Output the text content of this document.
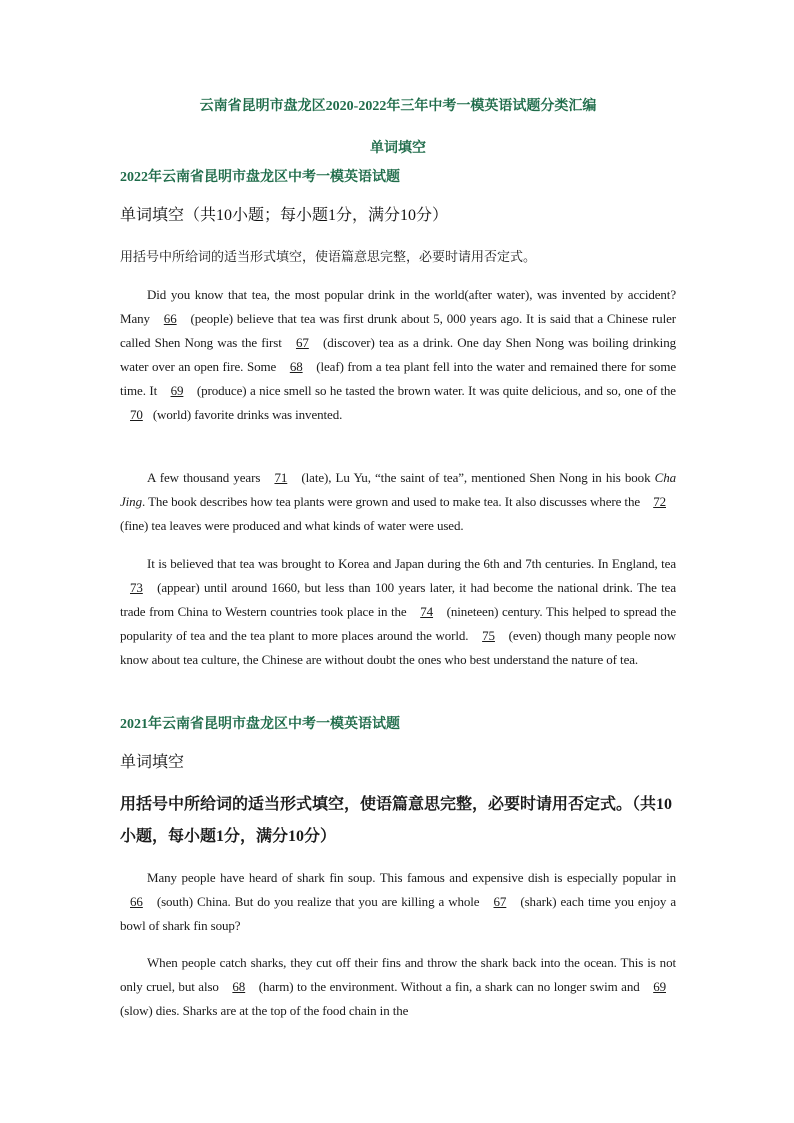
云南省昆明市盘龙区2020-2022年三年中考一模英语试题分类汇编
单词填空
2022年云南省昆明市盘龙区中考一模英语试题
单词填空（共10小题；每小题1分，满分10分）
用括号中所给词的适当形式填空，使语篇意思完整，必要时请用否定式。
Did you know that tea, the most popular drink in the world(after water), was invented by accident? Many 66 (people) believe that tea was first drunk about 5, 000 years ago. It is said that a Chinese ruler called Shen Nong was the first 67 (discover) tea as a drink. One day Shen Nong was boiling drinking water over an open fire. Some 68 (leaf) from a tea plant fell into the water and remained there for some time. It 69 (produce) a nice smell so he tasted the brown water. It was quite delicious, and so, one of the 70 (world) favorite drinks was invented.
A few thousand years 71 (late), Lu Yu, “the saint of tea”, mentioned Shen Nong in his book Cha Jing. The book describes how tea plants were grown and used to make tea. It also discusses where the 72 (fine) tea leaves were produced and what kinds of water were used.
It is believed that tea was brought to Korea and Japan during the 6th and 7th centuries. In England, tea 73 (appear) until around 1660, but less than 100 years later, it had become the national drink. The tea trade from China to Western countries took place in the 74 (nineteen) century. This helped to spread the popularity of tea and the tea plant to more places around the world. 75 (even) though many people now know about tea culture, the Chinese are without doubt the ones who best understand the nature of tea.
2021年云南省昆明市盘龙区中考一模英语试题
单词填空
用括号中所给词的适当形式填空，使语篇意思完整，必要时请用否定式。（共10小题，每小题1分，满分10分）
Many people have heard of shark fin soup. This famous and expensive dish is especially popular in 66 (south) China. But do you realize that you are killing a whole 67 (shark) each time you enjoy a bowl of shark fin soup?
When people catch sharks, they cut off their fins and throw the shark back into the ocean. This is not only cruel, but also 68 (harm) to the environment. Without a fin, a shark can no longer swim and 69 (slow) dies. Sharks are at the top of the food chain in the
